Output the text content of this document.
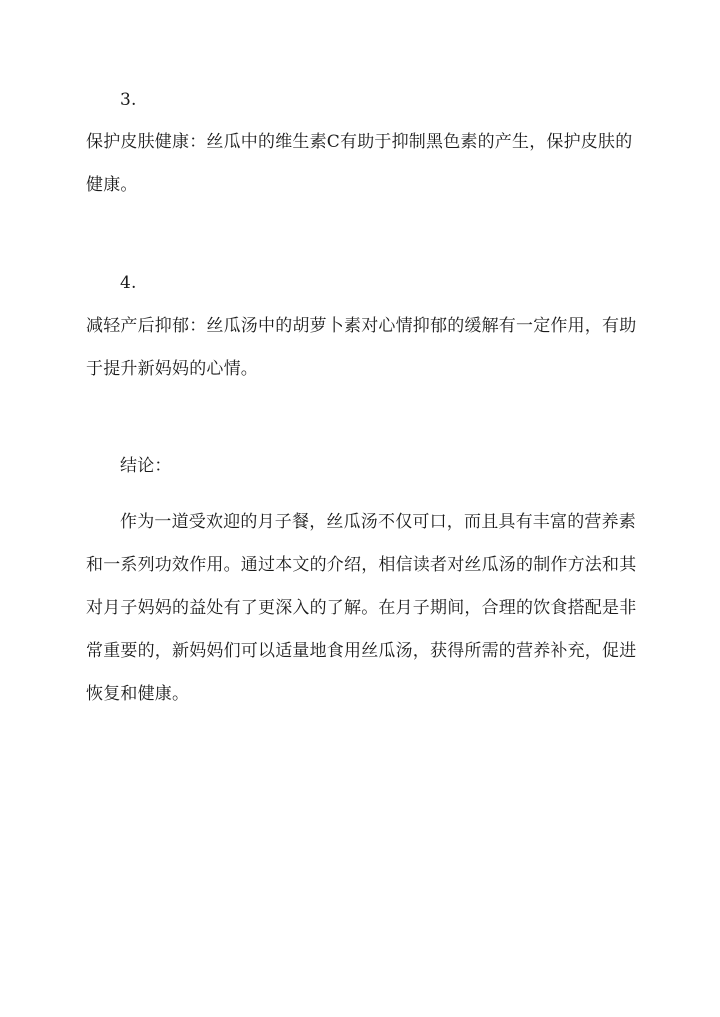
3.
保护皮肤健康：丝瓜中的维生素C有助于抑制黑色素的产生，保护皮肤的
健康。
4.
减轻产后抑郁：丝瓜汤中的胡萝卜素对心情抑郁的缓解有一定作用，有助
于提升新妈妈的心情。
结论：
作为一道受欢迎的月子餐，丝瓜汤不仅可口，而且具有丰富的营养素
和一系列功效作用。通过本文的介绍，相信读者对丝瓜汤的制作方法和其
对月子妈妈的益处有了更深入的了解。在月子期间，合理的饮食搭配是非
常重要的，新妈妈们可以适量地食用丝瓜汤，获得所需的营养补充，促进
恢复和健康。
